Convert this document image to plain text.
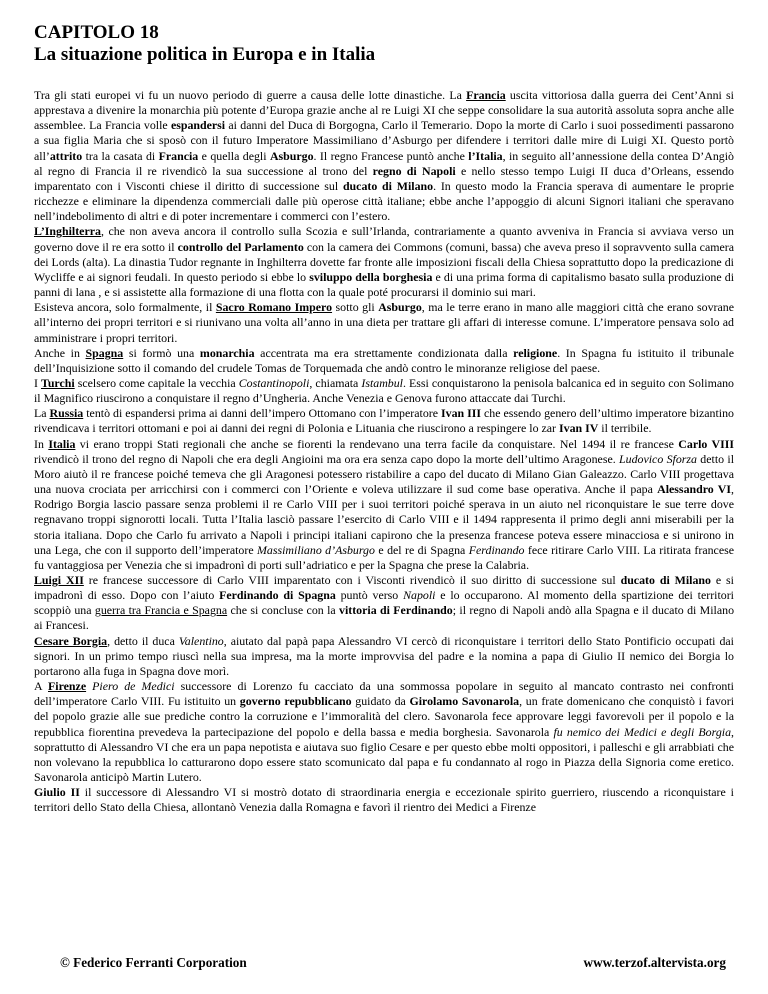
CAPITOLO 18
La situazione politica in Europa e in Italia

Tra gli stati europei vi fu un nuovo periodo di guerre a causa delle lotte dinastiche. La Francia uscita vittoriosa dalla guerra dei Cent’Anni si apprestava a divenire la monarchia più potente d’Europa grazie anche al re Luigi XI che seppe consolidare la sua autorità assoluta sopra anche alle assemblee. La Francia volle espandersi ai danni del Duca di Borgogna, Carlo il Temerario. Dopo la morte di Carlo i suoi possedimenti passarono a sua figlia Maria che si sposò con il futuro Imperatore Massimiliano d’Asburgo per difendere i territori dalle mire di Luigi XI. Questo portò all’attrito tra la casata di Francia e quella degli Asburgo. Il regno Francese puntò anche l’Italia, in seguito all’annessione della contea D’Angiò al regno di Francia il re rivendicò la sua successione al trono del regno di Napoli e nello stesso tempo Luigi II duca d’Orleans, essendo imparentato con i Visconti chiese il diritto di successione sul ducato di Milano. In questo modo la Francia sperava di aumentare le proprie ricchezze e eliminare la dipendenza commerciali dalle più operose città italiane; ebbe anche l’appoggio di alcuni Signori italiani che speravano nell’indebolimento di altri e di poter incrementare i commerci con l’estero.

L’Inghilterra, che non aveva ancora il controllo sulla Scozia e sull’Irlanda, contrariamente a quanto avveniva in Francia si avviava verso un governo dove il re era sotto il controllo del Parlamento con la camera dei Commons (comuni, bassa) che aveva preso il sopravvento sulla camera dei Lords (alta). La dinastia Tudor regnante in Inghilterra dovette far fronte alle imposizioni fiscali della Chiesa soprattutto dopo la predicazione di Wycliffe e ai signori feudali. In questo periodo si ebbe lo sviluppo della borghesia e di una prima forma di capitalismo basato sulla produzione di panni di lana , e si assistette alla formazione di una flotta con la quale poté procurarsi il dominio sui mari.

Esisteva ancora, solo formalmente, il Sacro Romano Impero sotto gli Asburgo, ma le terre erano in mano alle maggiori città che erano sovrane all’interno dei propri territori e si riunivano una volta all’anno in una dieta per trattare gli affari di interesse comune. L’imperatore pensava solo ad amministrare i propri territori.

Anche in Spagna si formò una monarchia accentrata ma era strettamente condizionata dalla religione. In Spagna fu istituito il tribunale dell’Inquisizione sotto il comando del crudele Tomas de Torquemada che andò contro le minoranze religiose del paese.

I Turchi scelsero come capitale la vecchia Costantinopoli, chiamata Istambul. Essi conquistarono la penisola balcanica ed in seguito con Solimano il Magnifico riuscirono a conquistare il regno d’Ungheria. Anche Venezia e Genova furono attaccate dai Turchi.

La Russia tentò di espandersi prima ai danni dell’impero Ottomano con l’imperatore Ivan III che essendo genero dell’ultimo imperatore bizantino rivendicava i territori ottomani e poi ai danni dei regni di Polonia e Lituania che riuscirono a respingere lo zar Ivan IV il terribile.

In Italia vi erano troppi Stati regionali che anche se fiorenti la rendevano una terra facile da conquistare. Nel 1494 il re francese Carlo VIII rivendicò il trono del regno di Napoli che era degli Angioini ma ora era senza capo dopo la morte dell’ultimo Aragonese. Ludovico Sforza detto il Moro aiutò il re francese poiché temeva che gli Aragonesi potessero ristabilire a capo del ducato di Milano Gian Galeazzo. Carlo VIII progettava una nuova crociata per arricchirsi con i commerci con l’Oriente e voleva utilizzare il sud come base operativa. Anche il papa Alessandro VI, Rodrigo Borgia lascio passare senza problemi il re Carlo VIII per i suoi territori poiché sperava in un aiuto nel riconquistare le sue terre dove regnavano troppi signorotti locali. Tutta l’Italia lasciò passare l’esercito di Carlo VIII e il 1494 rappresenta il primo degli anni miserabili per la storia italiana. Dopo che Carlo fu arrivato a Napoli i principi italiani capirono che la presenza francese poteva essere minacciosa e si unirono in una Lega, che con il supporto dell’imperatore Massimiliano d’Asburgo e del re di Spagna Ferdinando fece ritirare Carlo VIII. La ritirata francese fu vantaggiosa per Venezia che si impadronì di porti sull’adriatico e per la Spagna che prese la Calabria.

Luigi XII re francese successore di Carlo VIII imparentato con i Visconti rivendicò il suo diritto di successione sul ducato di Milano e si impadronì di esso. Dopo con l’aiuto Ferdinando di Spagna puntò verso Napoli e lo occuparono. Al momento della spartizione dei territori scoppiò una guerra tra Francia e Spagna che si concluse con la vittoria di Ferdinando; il regno di Napoli andò alla Spagna e il ducato di Milano ai Francesi.

Cesare Borgia, detto il duca Valentino, aiutato dal papà papa Alessandro VI cercò di riconquistare i territori dello Stato Pontificio occupati dai signori. In un primo tempo riuscì nella sua impresa, ma la morte improvvisa del padre e la nomina a papa di Giulio II nemico dei Borgia lo portarono alla fuga in Spagna dove morì.

A Firenze Piero de Medici successore di Lorenzo fu cacciato da una sommossa popolare in seguito al mancato contrasto nei confronti dell’imperatore Carlo VIII. Fu istituito un governo repubblicano guidato da Girolamo Savonarola, un frate domenicano che conquistò i favori del popolo grazie alle sue prediche contro la corruzione e l’immoralità del clero. Savonarola fece approvare leggi favorevoli per il popolo e la repubblica fiorentina prevedeva la partecipazione del popolo e della bassa e media borghesia. Savonarola fu nemico dei Medici e degli Borgia, soprattutto di Alessandro VI che era un papa nepotista e aiutava suo figlio Cesare e per questo ebbe molti oppositori, i palleschi e gli arrabbiati che non volevano la repubblica lo catturarono dopo essere stato scomunicato dal papa e fu condannato al rogo in Piazza della Signoria come eretico. Savonarola anticipò Martin Lutero.

Giulio II il successore di Alessandro VI si mostrò dotato di straordinaria energia e eccezionale spirito guerriero, riuscendo a riconquistare i territori dello Stato della Chiesa, allontanò Venezia dalla Romagna e favorì il rientro dei Medici a Firenze

© Federico Ferranti Corporation	www.terzof.altervista.org
